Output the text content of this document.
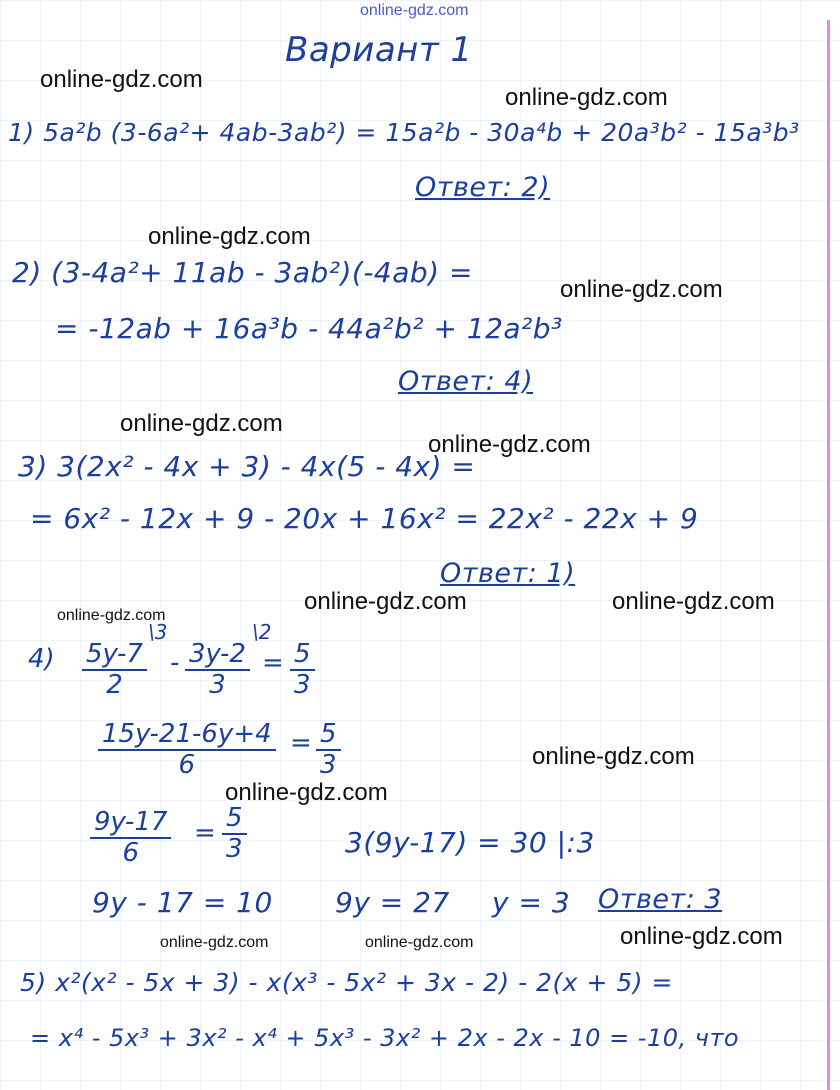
online-gdz.com
Вариант 1
online-gdz.com
online-gdz.com
1) 5a²b (3-6a²+ 4ab-3ab²) = 15a²b - 30a⁴b + 20a³b² - 15a³b³
Ответ: 2)
online-gdz.com
2) (3-4a²+ 11ab - 3ab²)(-4ab) =
online-gdz.com
= -12ab + 16a³b - 44a²b² + 12a²b³
Ответ: 4)
online-gdz.com
online-gdz.com
3) 3(2x² - 4x + 3) - 4x(5 - 4x) =
= 6x² - 12x + 9 - 20x + 16x² = 22x² - 22x + 9
Ответ: 1)
online-gdz.com
online-gdz.com	online-gdz.com
$4) \frac{5y-7}{2}$
\3
- $\frac{3y-2}{3}$
\2
= $\frac{5}{3}$
$\frac{15y-21-6y+4}{6} = \frac{5}{3}$	online-gdz.com
online-gdz.com
$\frac{9y-17}{6} = \frac{5}{3}$	3(9y-17) = 30 |:3
9y - 17 = 10 9y = 27 y = 3 Ответ: 3
online-gdz.com	online-gdz.com	online-gdz.com
5) x²(x² - 5x + 3) - x(x³ - 5x² + 3x - 2) - 2(x + 5) =
= x⁴ - 5x³ + 3x² - x⁴ + 5x³ - 3x² + 2x - 2x - 10 = -10, что
